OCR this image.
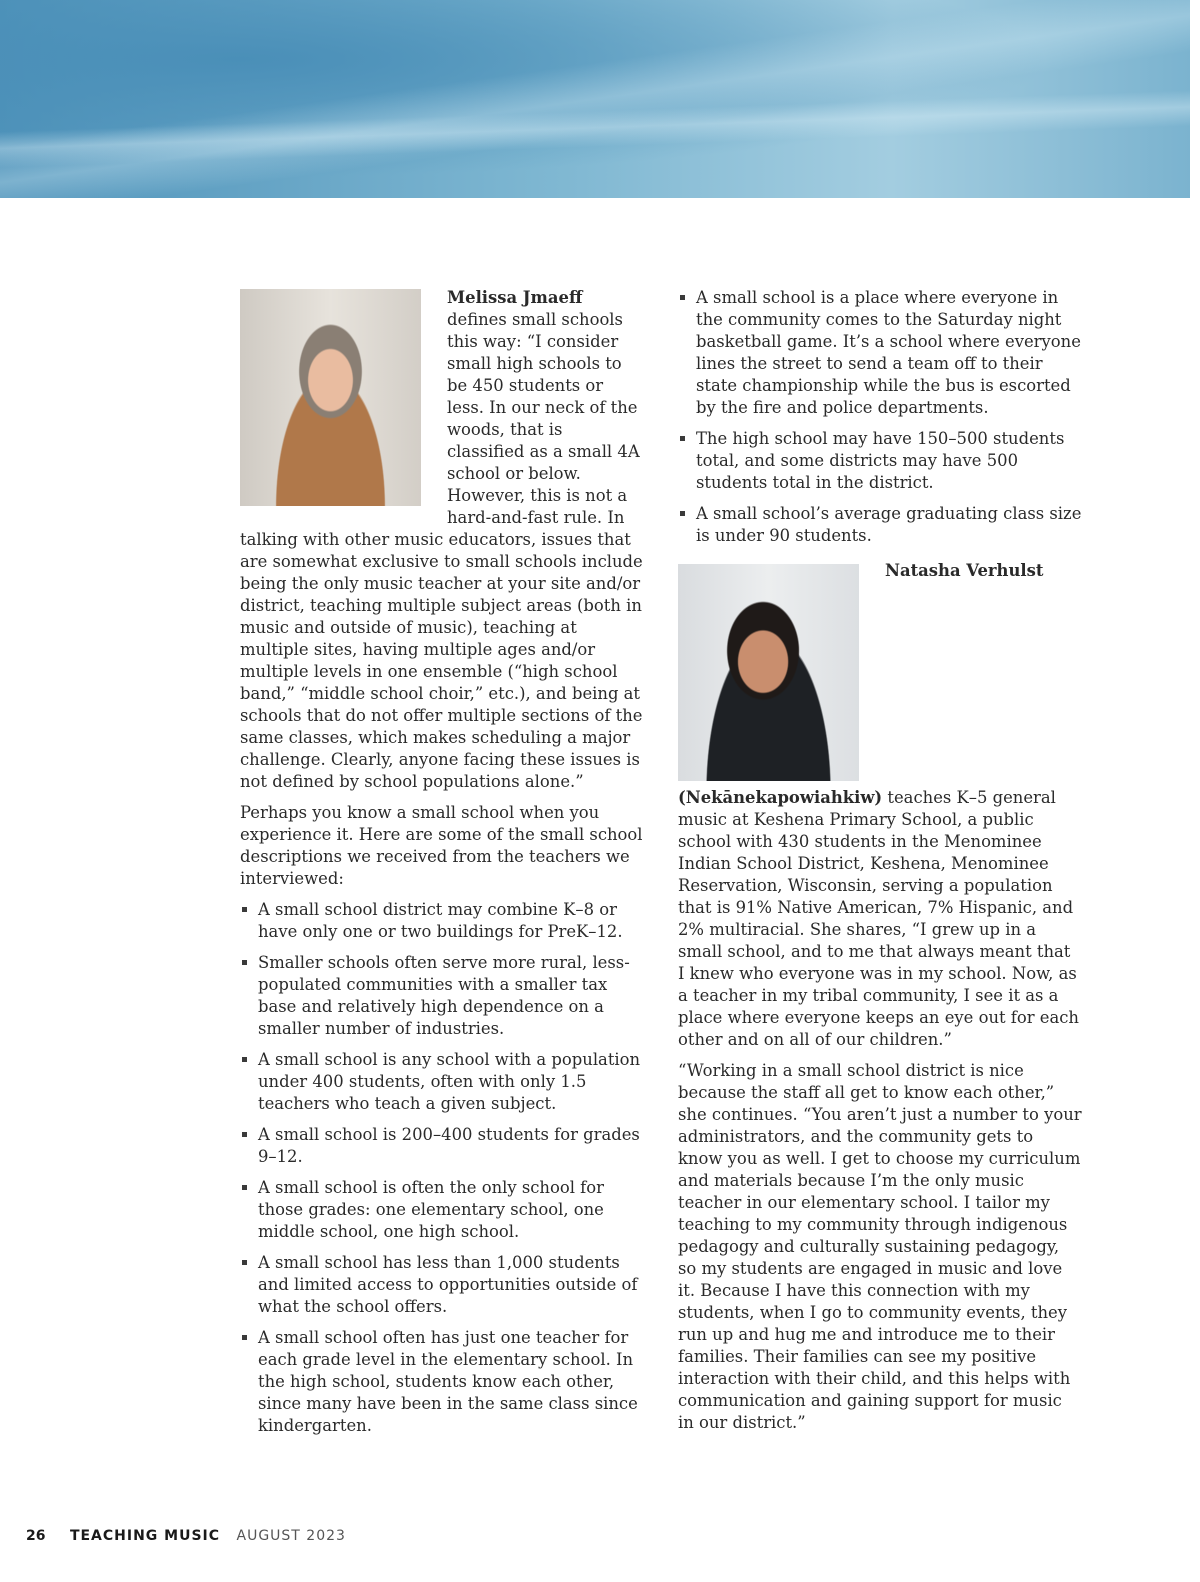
Melissa Jmaeff defines small schools this way: “I consider small high schools to be 450 students or less. In our neck of the woods, that is classified as a small 4A school or below. However, this is not a hard-and-fast rule. In talking with other music educators, issues that are somewhat exclusive to small schools include being the only music teacher at your site and/or district, teaching multiple subject areas (both in music and outside of music), teaching at multiple sites, having multiple ages and/or multiple levels in one ensemble (“high school band,” “middle school choir,” etc.), and being at schools that do not offer multiple sections of the same classes, which makes scheduling a major challenge. Clearly, anyone facing these issues is not defined by school populations alone.”

Perhaps you know a small school when you experience it. Here are some of the small school descriptions we received from the teachers we interviewed:

A small school district may combine K–8 or have only one or two buildings for PreK–12.
Smaller schools often serve more rural, less-populated communities with a smaller tax base and relatively high dependence on a smaller number of industries.
A small school is any school with a population under 400 students, often with only 1.5 teachers who teach a given subject.
A small school is 200–400 students for grades 9–12.
A small school is often the only school for those grades: one elementary school, one middle school, one high school.
A small school has less than 1,000 students and limited access to opportunities outside of what the school offers.
A small school often has just one teacher for each grade level in the elementary school. In the high school, students know each other, since many have been in the same class since kindergarten.
A small school is a place where everyone in the community comes to the Saturday night basketball game. It’s a school where everyone lines the street to send a team off to their state championship while the bus is escorted by the fire and police departments.
The high school may have 150–500 students total, and some districts may have 500 students total in the district.
A small school’s average graduating class size is under 90 students.

Natasha Verhulst (Nekānekapowiahkiw) teaches K–5 general music at Keshena Primary School, a public school with 430 students in the Menominee Indian School District, Keshena, Menominee Reservation, Wisconsin, serving a population that is 91% Native American, 7% Hispanic, and 2% multiracial. She shares, “I grew up in a small school, and to me that always meant that I knew who everyone was in my school. Now, as a teacher in my tribal community, I see it as a place where everyone keeps an eye out for each other and on all of our children.”

“Working in a small school district is nice because the staff all get to know each other,” she continues. “You aren’t just a number to your administrators, and the community gets to know you as well. I get to choose my curriculum and materials because I’m the only music teacher in our elementary school. I tailor my teaching to my community through indigenous pedagogy and culturally sustaining pedagogy, so my students are engaged in music and love it. Because I have this connection with my students, when I go to community events, they run up and hug me and introduce me to their families. Their families can see my positive interaction with their child, and this helps with communication and gaining support for music in our district.”

26 TEACHING MUSIC AUGUST 2023
